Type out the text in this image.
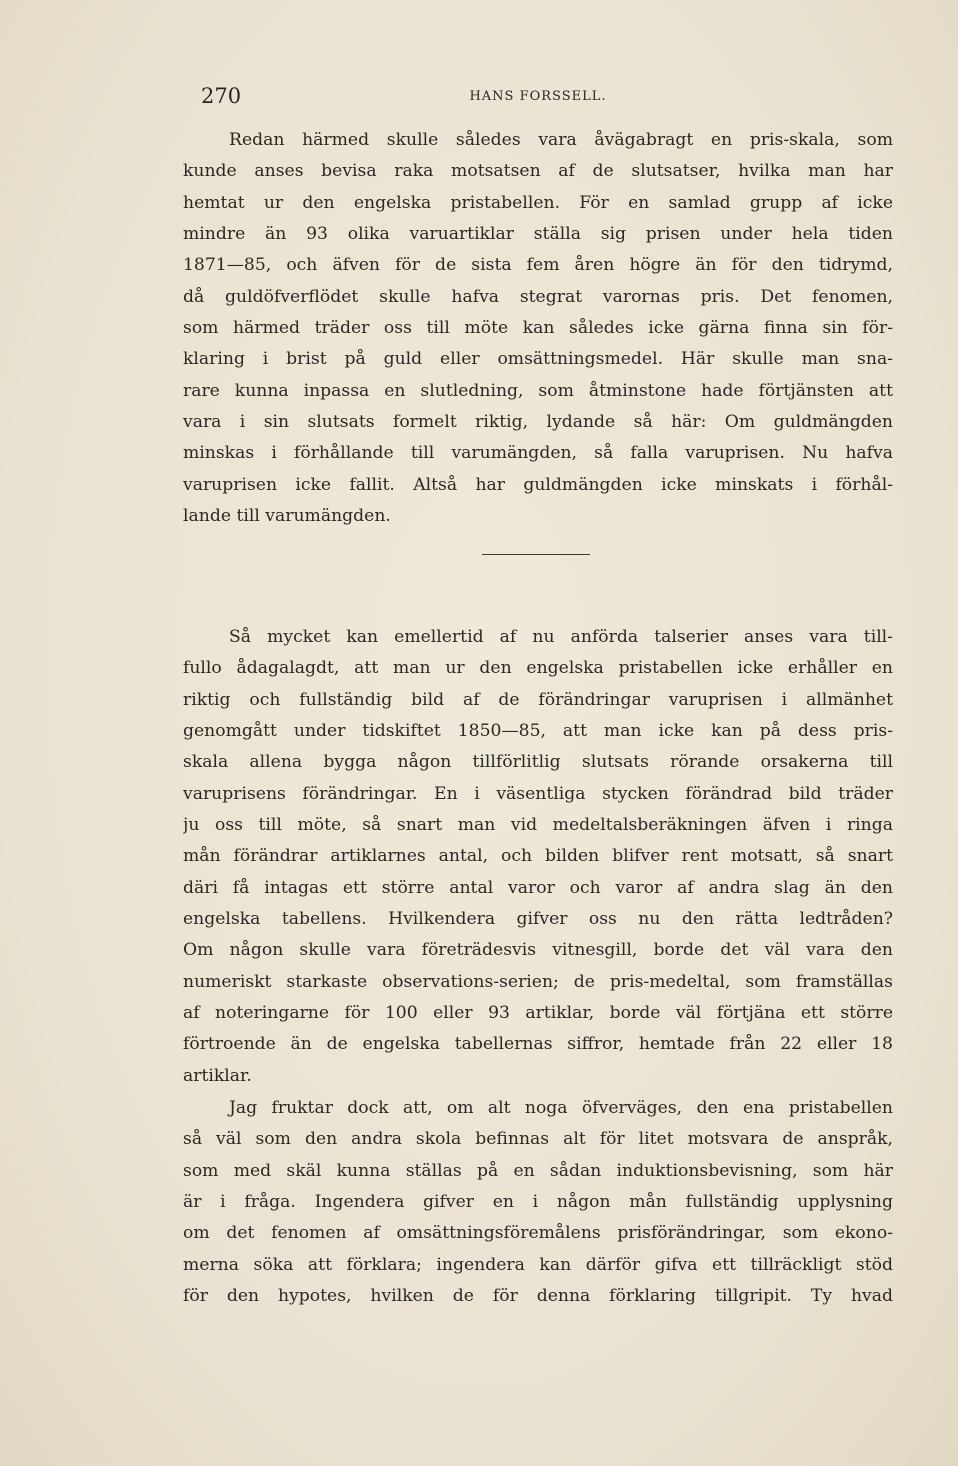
270	HANS FORSSELL.
Redan härmed skulle således vara åvägabragt en pris-skala, som
kunde anses bevisa raka motsatsen af de slutsatser, hvilka man har
hemtat ur den engelska pristabellen. För en samlad grupp af icke
mindre än 93 olika varuartiklar ställa sig prisen under hela tiden
1871—85, och äfven för de sista fem åren högre än för den tidrymd,
då guldöfverflödet skulle hafva stegrat varornas pris. Det fenomen,
som härmed träder oss till möte kan således icke gärna finna sin för-
klaring i brist på guld eller omsättningsmedel. Här skulle man sna-
rare kunna inpassa en slutledning, som åtminstone hade förtjänsten att
vara i sin slutsats formelt riktig, lydande så här: Om guldmängden
minskas i förhållande till varumängden, så falla varuprisen. Nu hafva
varuprisen icke fallit. Altså har guldmängden icke minskats i förhål-
lande till varumängden.
Så mycket kan emellertid af nu anförda talserier anses vara till-
fullo ådagalagdt, att man ur den engelska pristabellen icke erhåller en
riktig och fullständig bild af de förändringar varuprisen i allmänhet
genomgått under tidskiftet 1850—85, att man icke kan på dess pris-
skala allena bygga någon tillförlitlig slutsats rörande orsakerna till
varuprisens förändringar. En i väsentliga stycken förändrad bild träder
ju oss till möte, så snart man vid medeltalsberäkningen äfven i ringa
mån förändrar artiklarnes antal, och bilden blifver rent motsatt, så snart
däri få intagas ett större antal varor och varor af andra slag än den
engelska tabellens. Hvilkendera gifver oss nu den rätta ledtråden?
Om någon skulle vara företrädesvis vitnesgill, borde det väl vara den
numeriskt starkaste observations-serien; de pris-medeltal, som framställas
af noteringarne för 100 eller 93 artiklar, borde väl förtjäna ett större
förtroende än de engelska tabellernas siffror, hemtade från 22 eller 18
artiklar.
Jag fruktar dock att, om alt noga öfverväges, den ena pristabellen
så väl som den andra skola befinnas alt för litet motsvara de anspråk,
som med skäl kunna ställas på en sådan induktionsbevisning, som här
är i fråga. Ingendera gifver en i någon mån fullständig upplysning
om det fenomen af omsättningsföremålens prisförändringar, som ekono-
merna söka att förklara; ingendera kan därför gifva ett tillräckligt stöd
för den hypotes, hvilken de för denna förklaring tillgripit. Ty hvad
